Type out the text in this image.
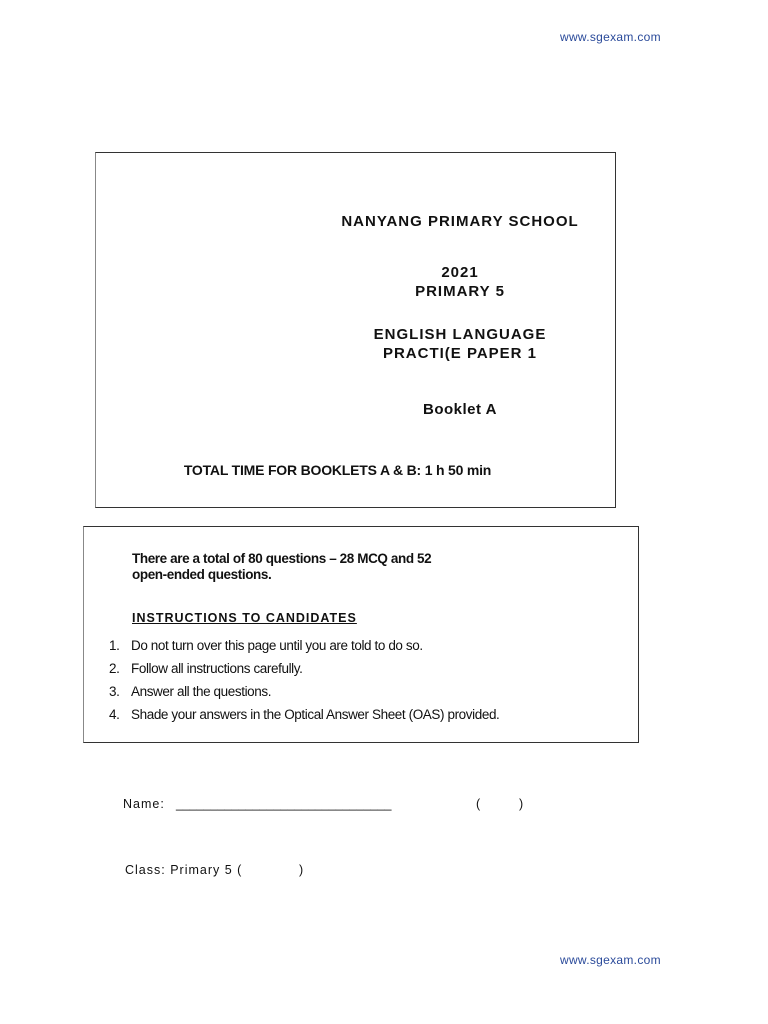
www.sgexam.com
NANYANG PRIMARY SCHOOL
2021
PRIMARY 5
ENGLISH LANGUAGE
PRACTI(E PAPER 1
Booklet A
TOTAL TIME FOR BOOKLETS A & B: 1 h 50 min
There are a total of 80 questions – 28 MCQ and 52
open-ended questions.
INSTRUCTIONS TO CANDIDATES
1. Do not turn over this page until you are told to do so.
2. Follow all instructions carefully.
3. Answer all the questions.
4. Shade your answers in the Optical Answer Sheet (OAS) provided.
Name: _______________________________	(	)
Class: Primary 5 (	)
www.sgexam.com
